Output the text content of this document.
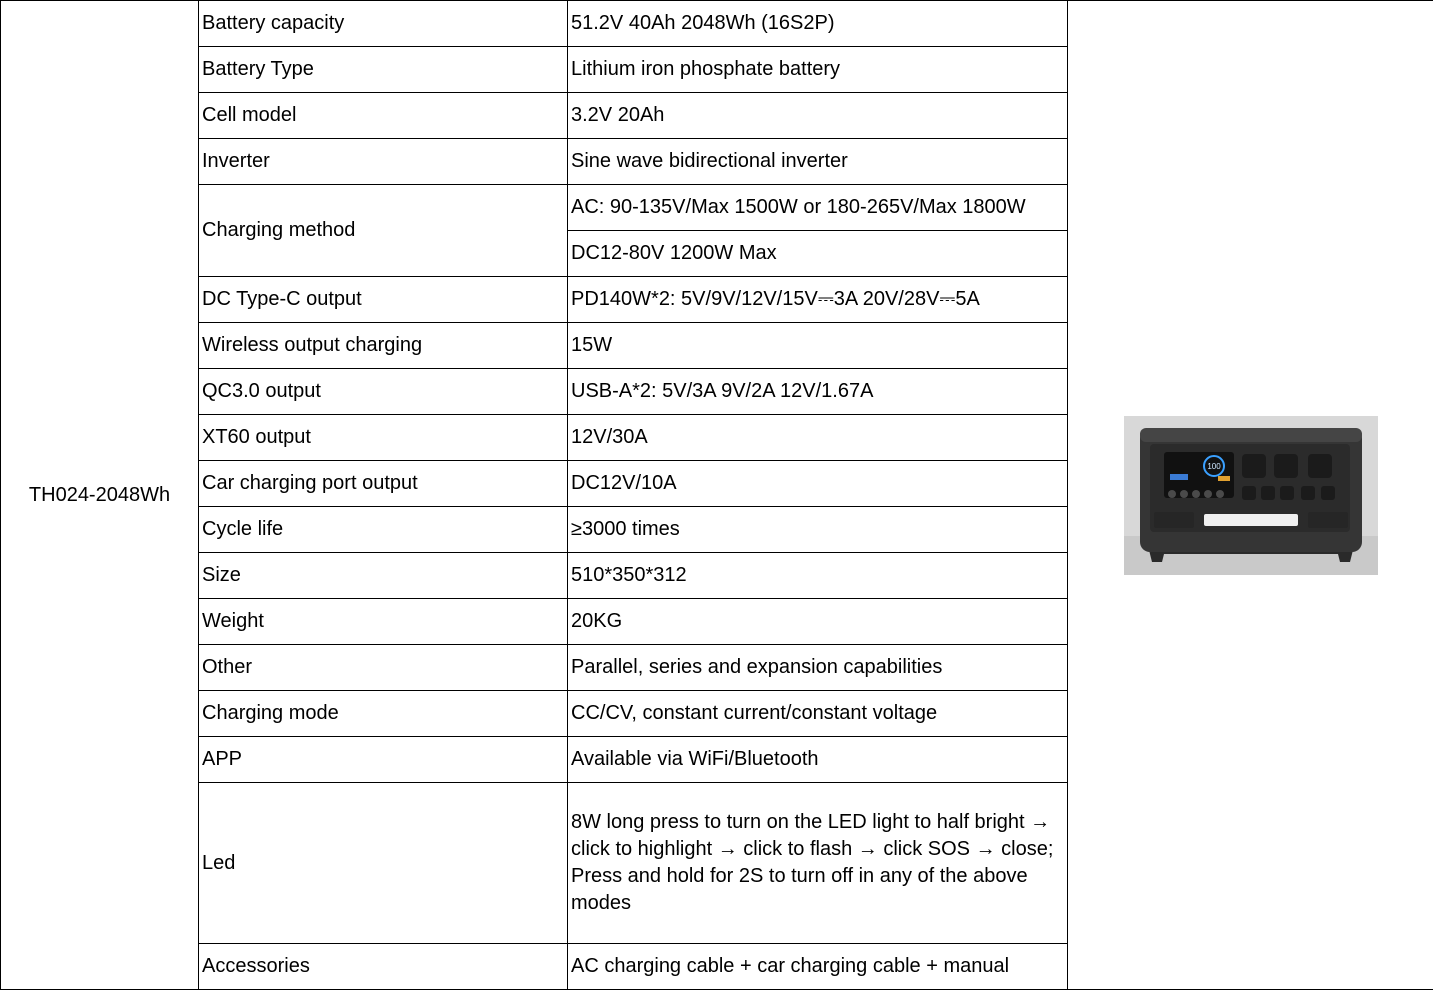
TH024-2048Wh	Battery capacity	51.2V 40Ah 2048Wh (16S2P)	100

	Battery Type	Lithium iron phosphate battery	
	Cell model	3.2V 20Ah	
	Inverter	Sine wave bidirectional inverter	
	Charging method	AC: 90-135V/Max 1500W or 180-265V/Max 1800W	
		DC12-80V 1200W Max	
	DC Type-C output	PD140W*2: 5V/9V/12V/15V⎓3A 20V/28V⎓5A	
	Wireless output charging	15W	
	QC3.0 output	USB-A*2: 5V/3A 9V/2A 12V/1.67A	
	XT60 output	12V/30A	
	Car charging port output	DC12V/10A	
	Cycle life	≥3000 times	
	Size	510*350*312	
	Weight	20KG	
	Other	Parallel, series and expansion capabilities	
	Charging mode	CC/CV, constant current/constant voltage	
	APP	Available via WiFi/Bluetooth	
	Led	8W long press to turn on the LED light to half bright → click to highlight → click to flash → click SOS → close;
Press and hold for 2S to turn off in any of the above modes	
	Accessories	AC charging cable + car charging cable + manual	
